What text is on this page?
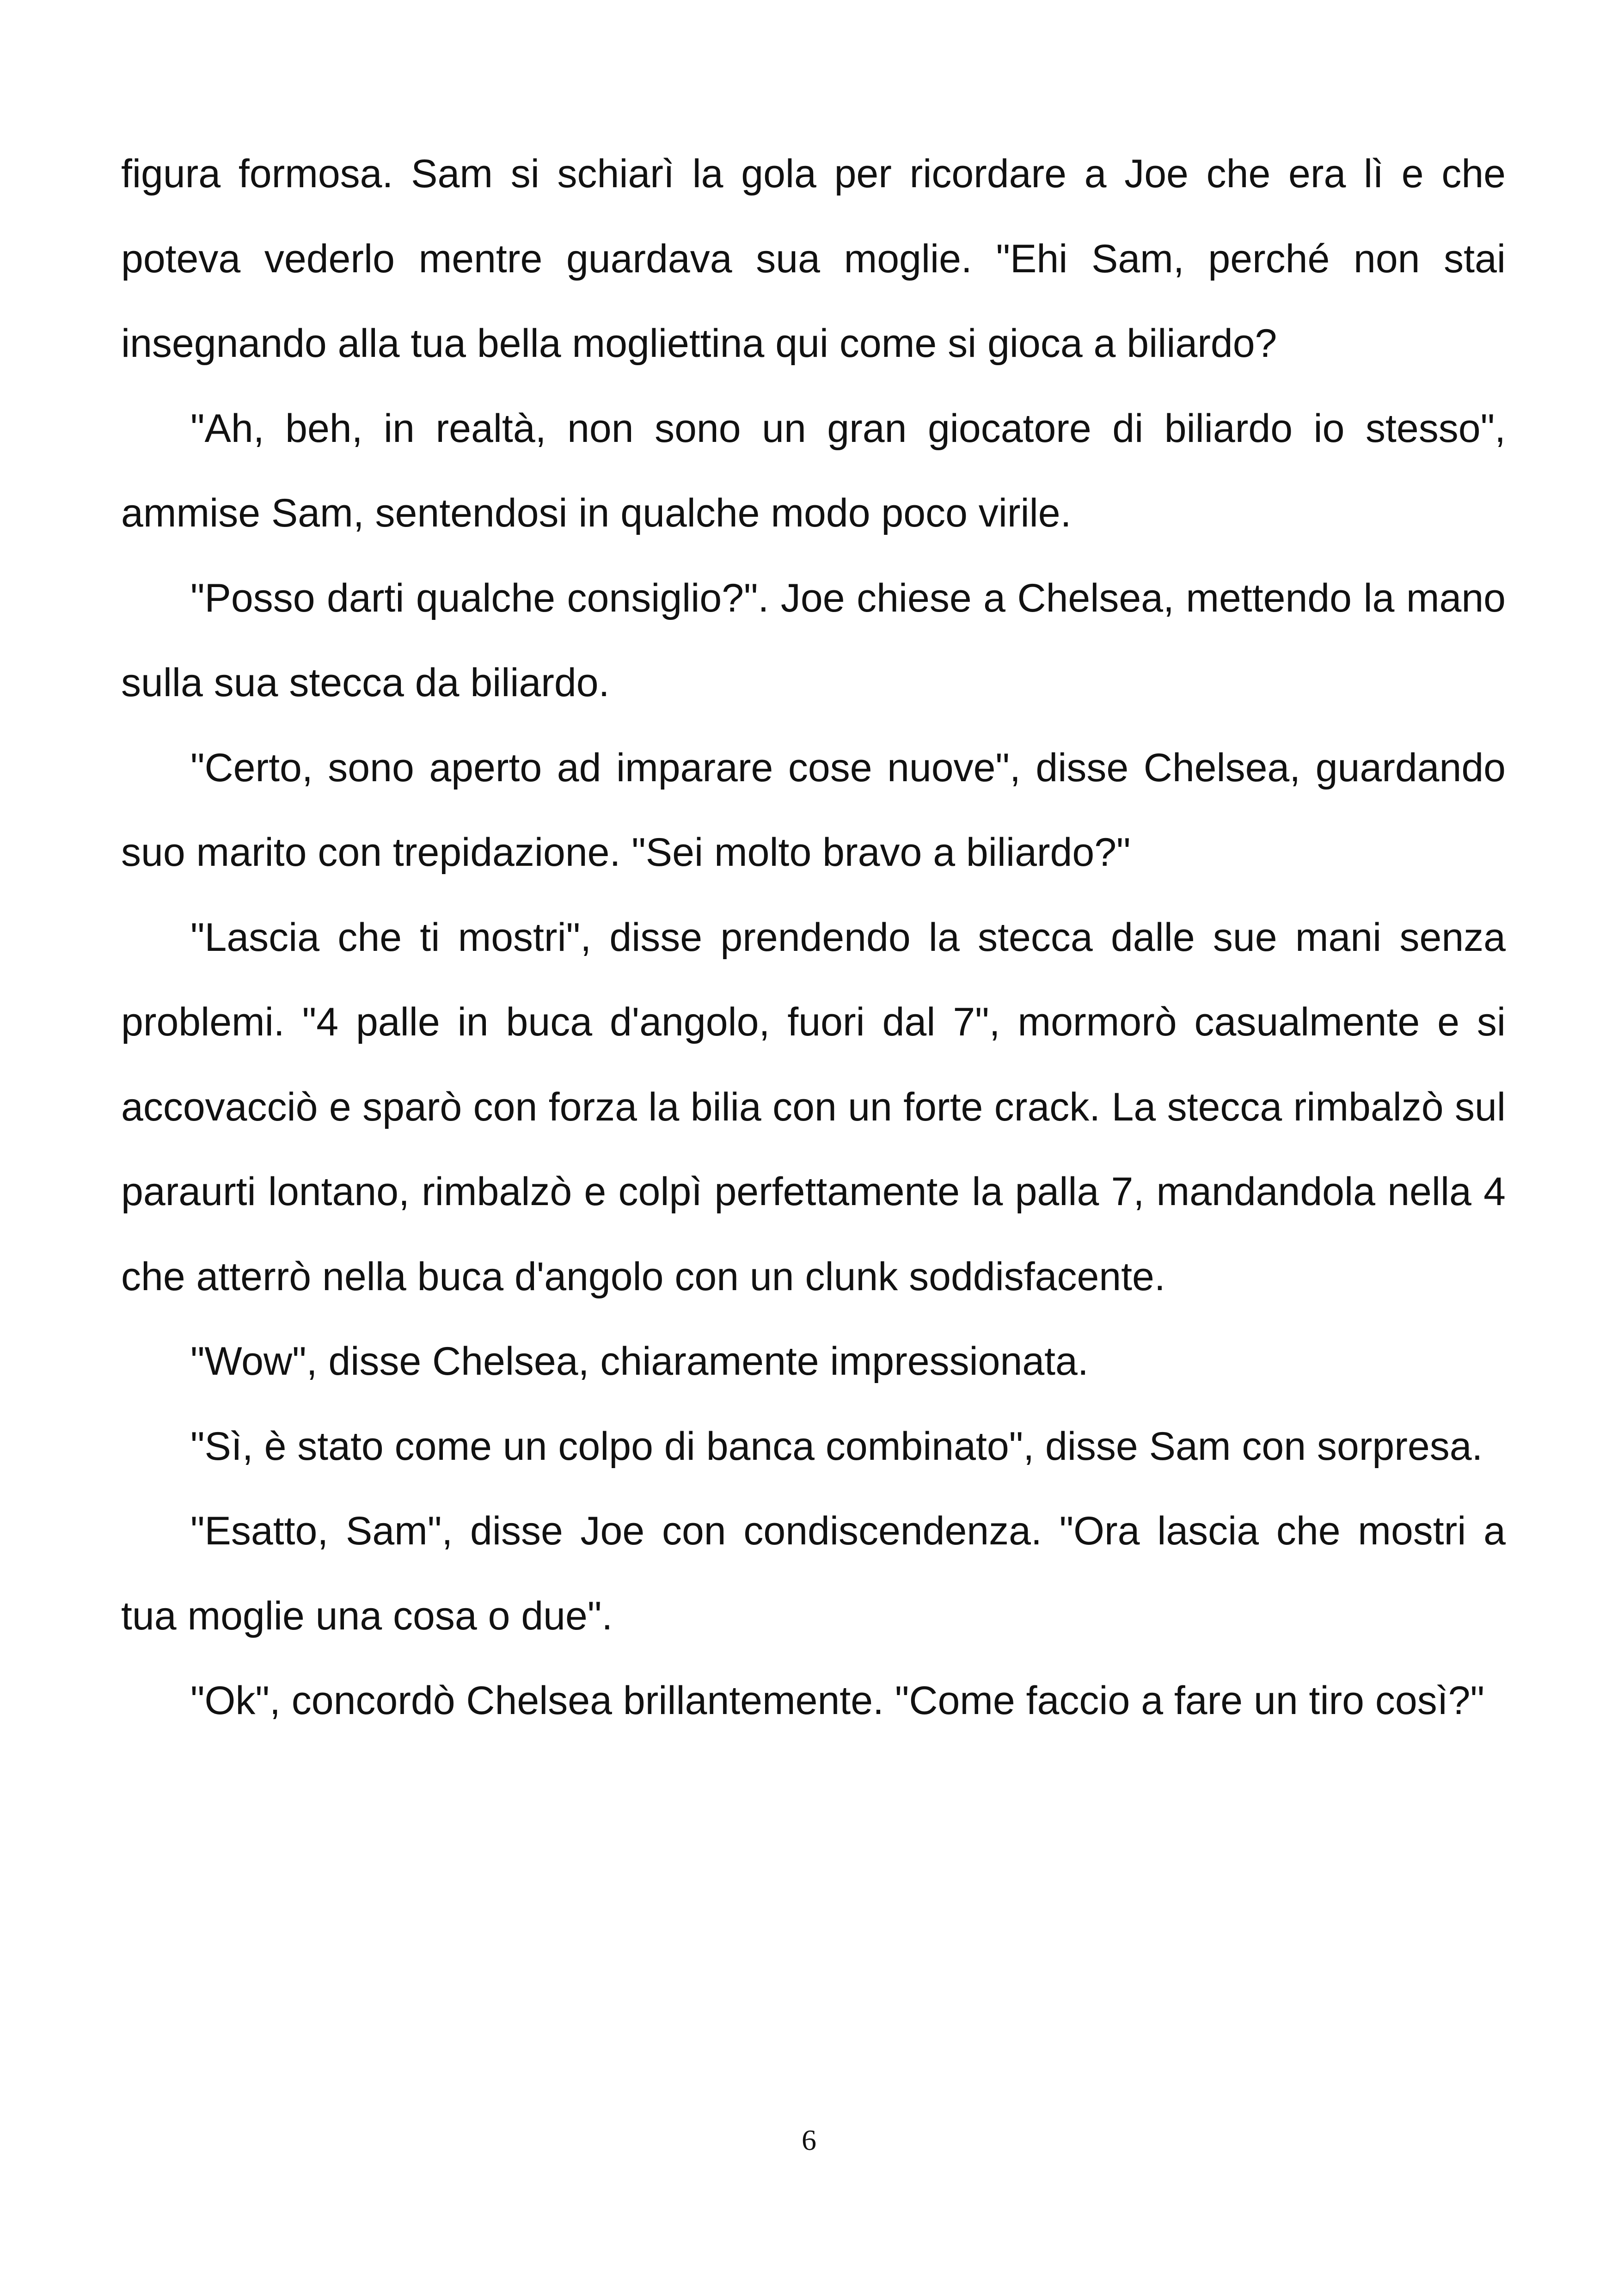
figura formosa. Sam si schiarì la gola per ricordare a Joe che era lì e che poteva vederlo mentre guardava sua moglie. "Ehi Sam, perché non stai insegnando alla tua bella mogliettina qui come si gioca a biliardo?

"Ah, beh, in realtà, non sono un gran giocatore di biliardo io stesso", ammise Sam, sentendosi in qualche modo poco virile.

"Posso darti qualche consiglio?". Joe chiese a Chelsea, mettendo la mano sulla sua stecca da biliardo.

"Certo, sono aperto ad imparare cose nuove", disse Chelsea, guardando suo marito con trepidazione. "Sei molto bravo a biliardo?"

"Lascia che ti mostri", disse prendendo la stecca dalle sue mani senza problemi. "4 palle in buca d'angolo, fuori dal 7", mormorò casualmente e si accovacciò e sparò con forza la bilia con un forte crack. La stecca rimbalzò sul paraurti lontano, rimbalzò e colpì perfettamente la palla 7, mandandola nella 4 che atterrò nella buca d'angolo con un clunk soddisfacente.

"Wow", disse Chelsea, chiaramente impressionata.

"Sì, è stato come un colpo di banca combinato", disse Sam con sorpresa.

"Esatto, Sam", disse Joe con condiscendenza. "Ora lascia che mostri a tua moglie una cosa o due".

"Ok", concordò Chelsea brillantemente. "Come faccio a fare un tiro così?"

6
